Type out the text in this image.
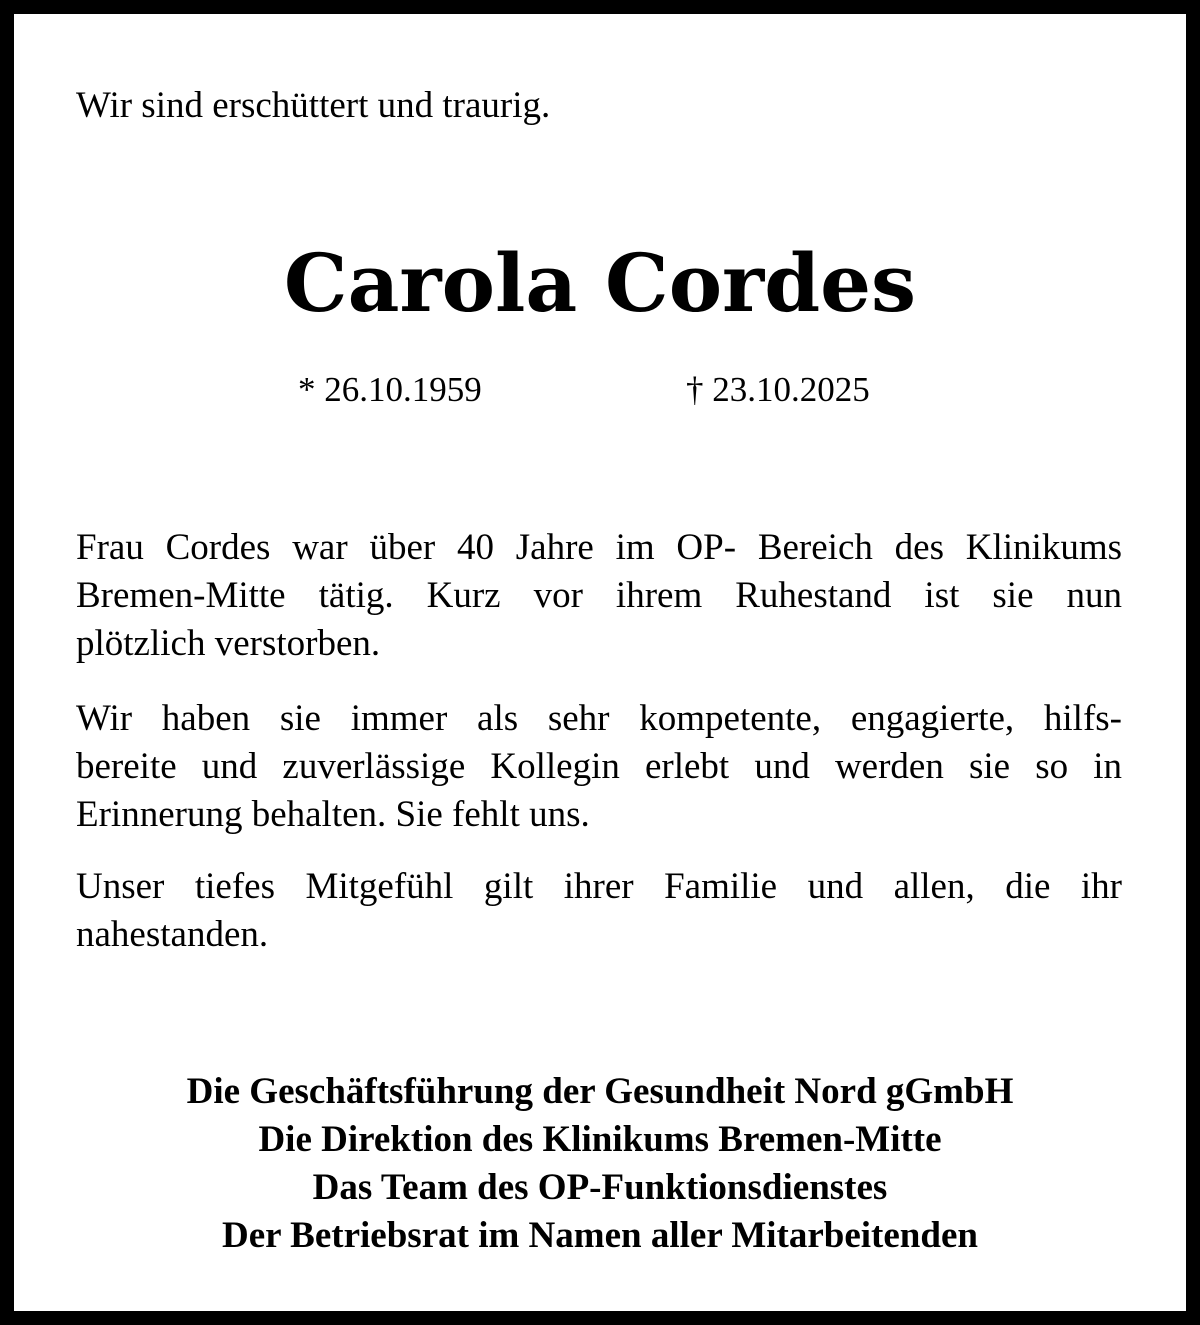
Wir sind erschüttert und traurig.
Carola Cordes
* 26.10.1959	† 23.10.2025
Frau Cordes war über 40 Jahre im OP- Bereich des Klinikums
Bremen-Mitte tätig. Kurz vor ihrem Ruhestand ist sie nun
plötzlich verstorben.
Wir haben sie immer als sehr kompetente, engagierte, hilfs-
bereite und zuverlässige Kollegin erlebt und werden sie so in
Erinnerung behalten. Sie fehlt uns.
Unser tiefes Mitgefühl gilt ihrer Familie und allen, die ihr
nahestanden.
Die Geschäftsführung der Gesundheit Nord gGmbH
Die Direktion des Klinikums Bremen-Mitte
Das Team des OP-Funktionsdienstes
Der Betriebsrat im Namen aller Mitarbeitenden
